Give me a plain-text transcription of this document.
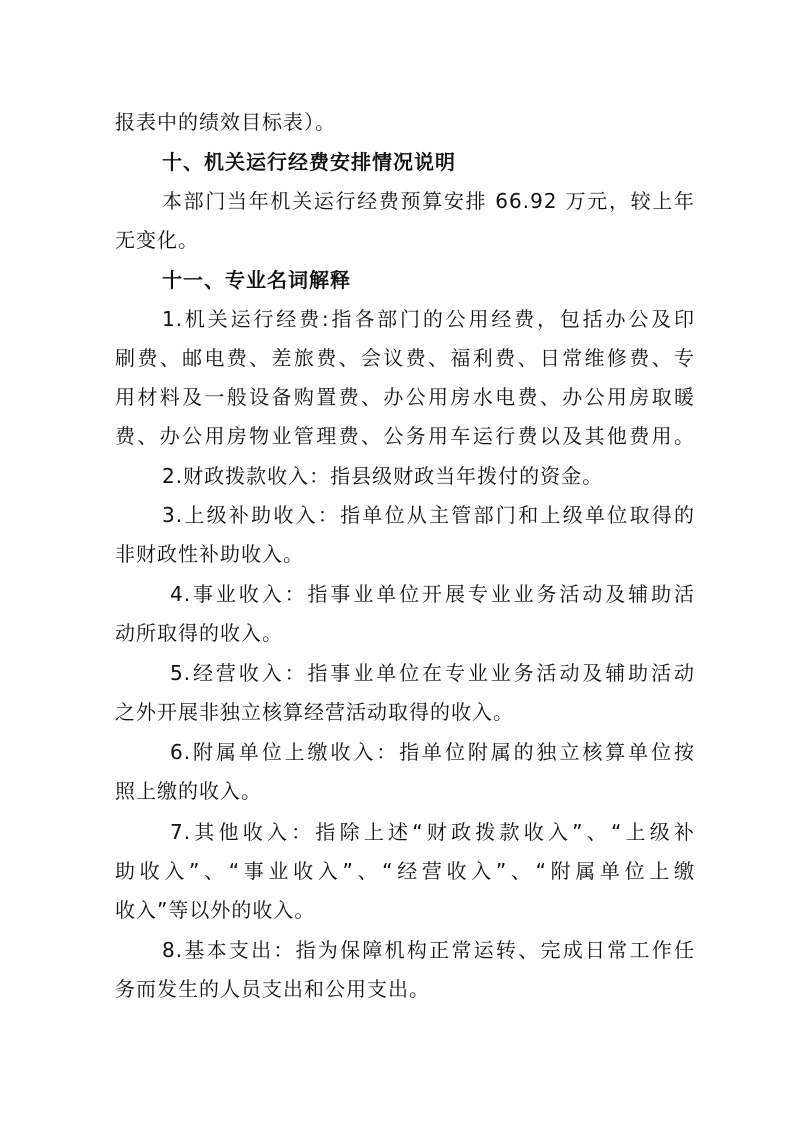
报表中的绩效目标表）。
十、机关运行经费安排情况说明
本部门当年机关运行经费预算安排 66.92 万元，较上年
无变化。
十一、专业名词解释
1.机关运行经费:指各部门的公用经费，包括办公及印
刷费、邮电费、差旅费、会议费、福利费、日常维修费、专
用材料及一般设备购置费、办公用房水电费、办公用房取暖
费、办公用房物业管理费、公务用车运行费以及其他费用。
2.财政拨款收入：指县级财政当年拨付的资金。
3.上级补助收入：指单位从主管部门和上级单位取得的
非财政性补助收入。
4.事业收入：指事业单位开展专业业务活动及辅助活
动所取得的收入。
5.经营收入：指事业单位在专业业务活动及辅助活动
之外开展非独立核算经营活动取得的收入。
6.附属单位上缴收入：指单位附属的独立核算单位按
照上缴的收入。
7.其他收入：指除上述“财政拨款收入”、“上级补
助收入”、“事业收入”、“经营收入”、“附属单位上缴
收入”等以外的收入。
8.基本支出：指为保障机构正常运转、完成日常工作任
务而发生的人员支出和公用支出。
